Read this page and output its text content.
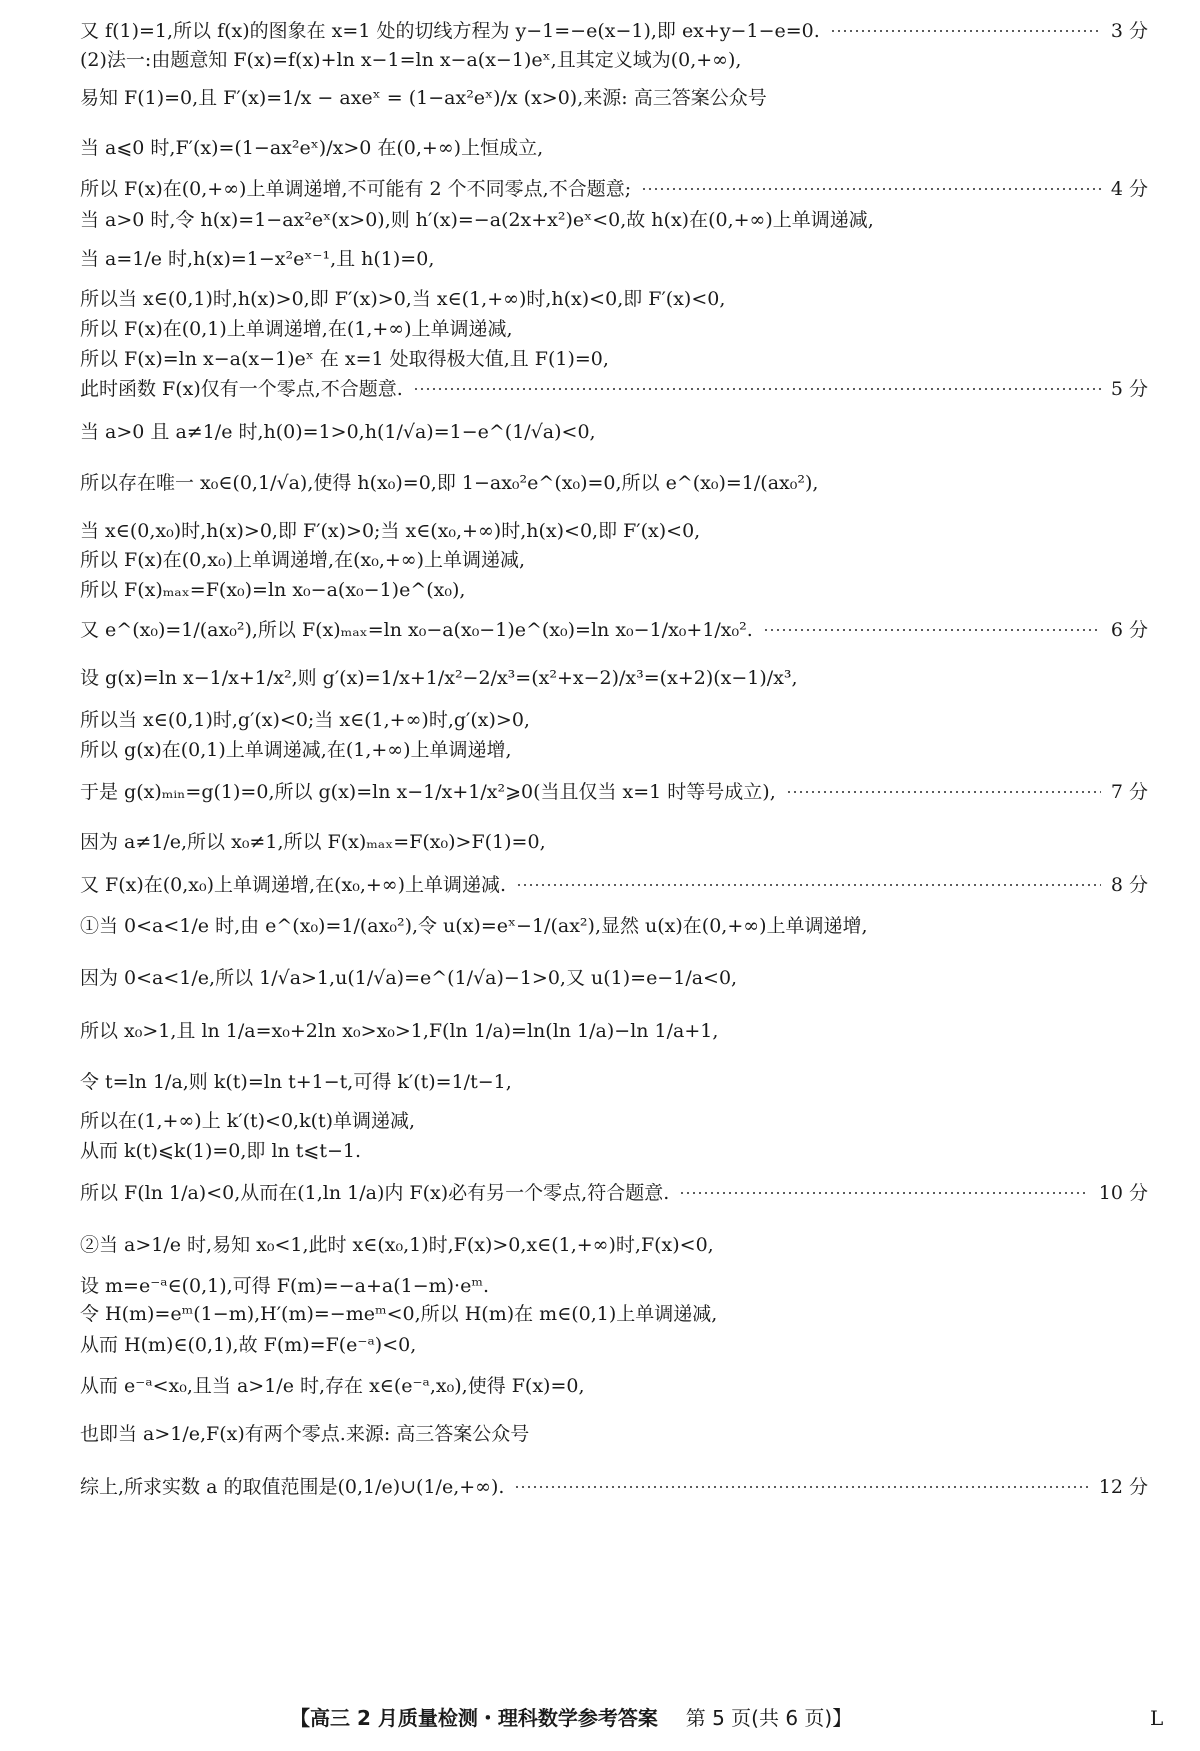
又 f(1)=1,所以 f(x)的图象在 x=1 处的切线方程为 y−1=−e(x−1),即 ex+y−1−e=0.	3 分
(2)法一:由题意知 F(x)=f(x)+ln x−1=ln x−a(x−1)eˣ,且其定义域为(0,+∞),
易知 F(1)=0,且 F′(x)=1/x − axeˣ = (1−ax²eˣ)/x (x>0),来源: 高三答案公众号
当 a⩽0 时,F′(x)=(1−ax²eˣ)/x>0 在(0,+∞)上恒成立,
所以 F(x)在(0,+∞)上单调递增,不可能有 2 个不同零点,不合题意;	4 分
当 a>0 时,令 h(x)=1−ax²eˣ(x>0),则 h′(x)=−a(2x+x²)eˣ<0,故 h(x)在(0,+∞)上单调递减,
当 a=1/e 时,h(x)=1−x²eˣ⁻¹,且 h(1)=0,
所以当 x∈(0,1)时,h(x)>0,即 F′(x)>0,当 x∈(1,+∞)时,h(x)<0,即 F′(x)<0,
所以 F(x)在(0,1)上单调递增,在(1,+∞)上单调递减,
所以 F(x)=ln x−a(x−1)eˣ 在 x=1 处取得极大值,且 F(1)=0,
此时函数 F(x)仅有一个零点,不合题意.	5 分
当 a>0 且 a≠1/e 时,h(0)=1>0,h(1/√a)=1−e^(1/√a)<0,
所以存在唯一 x₀∈(0,1/√a),使得 h(x₀)=0,即 1−ax₀²e^(x₀)=0,所以 e^(x₀)=1/(ax₀²),
当 x∈(0,x₀)时,h(x)>0,即 F′(x)>0;当 x∈(x₀,+∞)时,h(x)<0,即 F′(x)<0,
所以 F(x)在(0,x₀)上单调递增,在(x₀,+∞)上单调递减,
所以 F(x)ₘₐₓ=F(x₀)=ln x₀−a(x₀−1)e^(x₀),
又 e^(x₀)=1/(ax₀²),所以 F(x)ₘₐₓ=ln x₀−a(x₀−1)e^(x₀)=ln x₀−1/x₀+1/x₀².	6 分
设 g(x)=ln x−1/x+1/x²,则 g′(x)=1/x+1/x²−2/x³=(x²+x−2)/x³=(x+2)(x−1)/x³,
所以当 x∈(0,1)时,g′(x)<0;当 x∈(1,+∞)时,g′(x)>0,
所以 g(x)在(0,1)上单调递减,在(1,+∞)上单调递增,
于是 g(x)ₘᵢₙ=g(1)=0,所以 g(x)=ln x−1/x+1/x²⩾0(当且仅当 x=1 时等号成立),	7 分
因为 a≠1/e,所以 x₀≠1,所以 F(x)ₘₐₓ=F(x₀)>F(1)=0,
又 F(x)在(0,x₀)上单调递增,在(x₀,+∞)上单调递减.	8 分
①当 0<a<1/e 时,由 e^(x₀)=1/(ax₀²),令 u(x)=eˣ−1/(ax²),显然 u(x)在(0,+∞)上单调递增,
因为 0<a<1/e,所以 1/√a>1,u(1/√a)=e^(1/√a)−1>0,又 u(1)=e−1/a<0,
所以 x₀>1,且 ln 1/a=x₀+2ln x₀>x₀>1,F(ln 1/a)=ln(ln 1/a)−ln 1/a+1,
令 t=ln 1/a,则 k(t)=ln t+1−t,可得 k′(t)=1/t−1,
所以在(1,+∞)上 k′(t)<0,k(t)单调递减,
从而 k(t)⩽k(1)=0,即 ln t⩽t−1.
所以 F(ln 1/a)<0,从而在(1,ln 1/a)内 F(x)必有另一个零点,符合题意.	10 分
②当 a>1/e 时,易知 x₀<1,此时 x∈(x₀,1)时,F(x)>0,x∈(1,+∞)时,F(x)<0,
设 m=e⁻ᵃ∈(0,1),可得 F(m)=−a+a(1−m)·eᵐ.
令 H(m)=eᵐ(1−m),H′(m)=−meᵐ<0,所以 H(m)在 m∈(0,1)上单调递减,
从而 H(m)∈(0,1),故 F(m)=F(e⁻ᵃ)<0,
从而 e⁻ᵃ<x₀,且当 a>1/e 时,存在 x∈(e⁻ᵃ,x₀),使得 F(x)=0,
也即当 a>1/e,F(x)有两个零点.来源: 高三答案公众号
综上,所求实数 a 的取值范围是(0,1/e)∪(1/e,+∞).	12 分
【高三 2 月质量检测・理科数学参考答案 第 5 页(共 6 页)】	L
